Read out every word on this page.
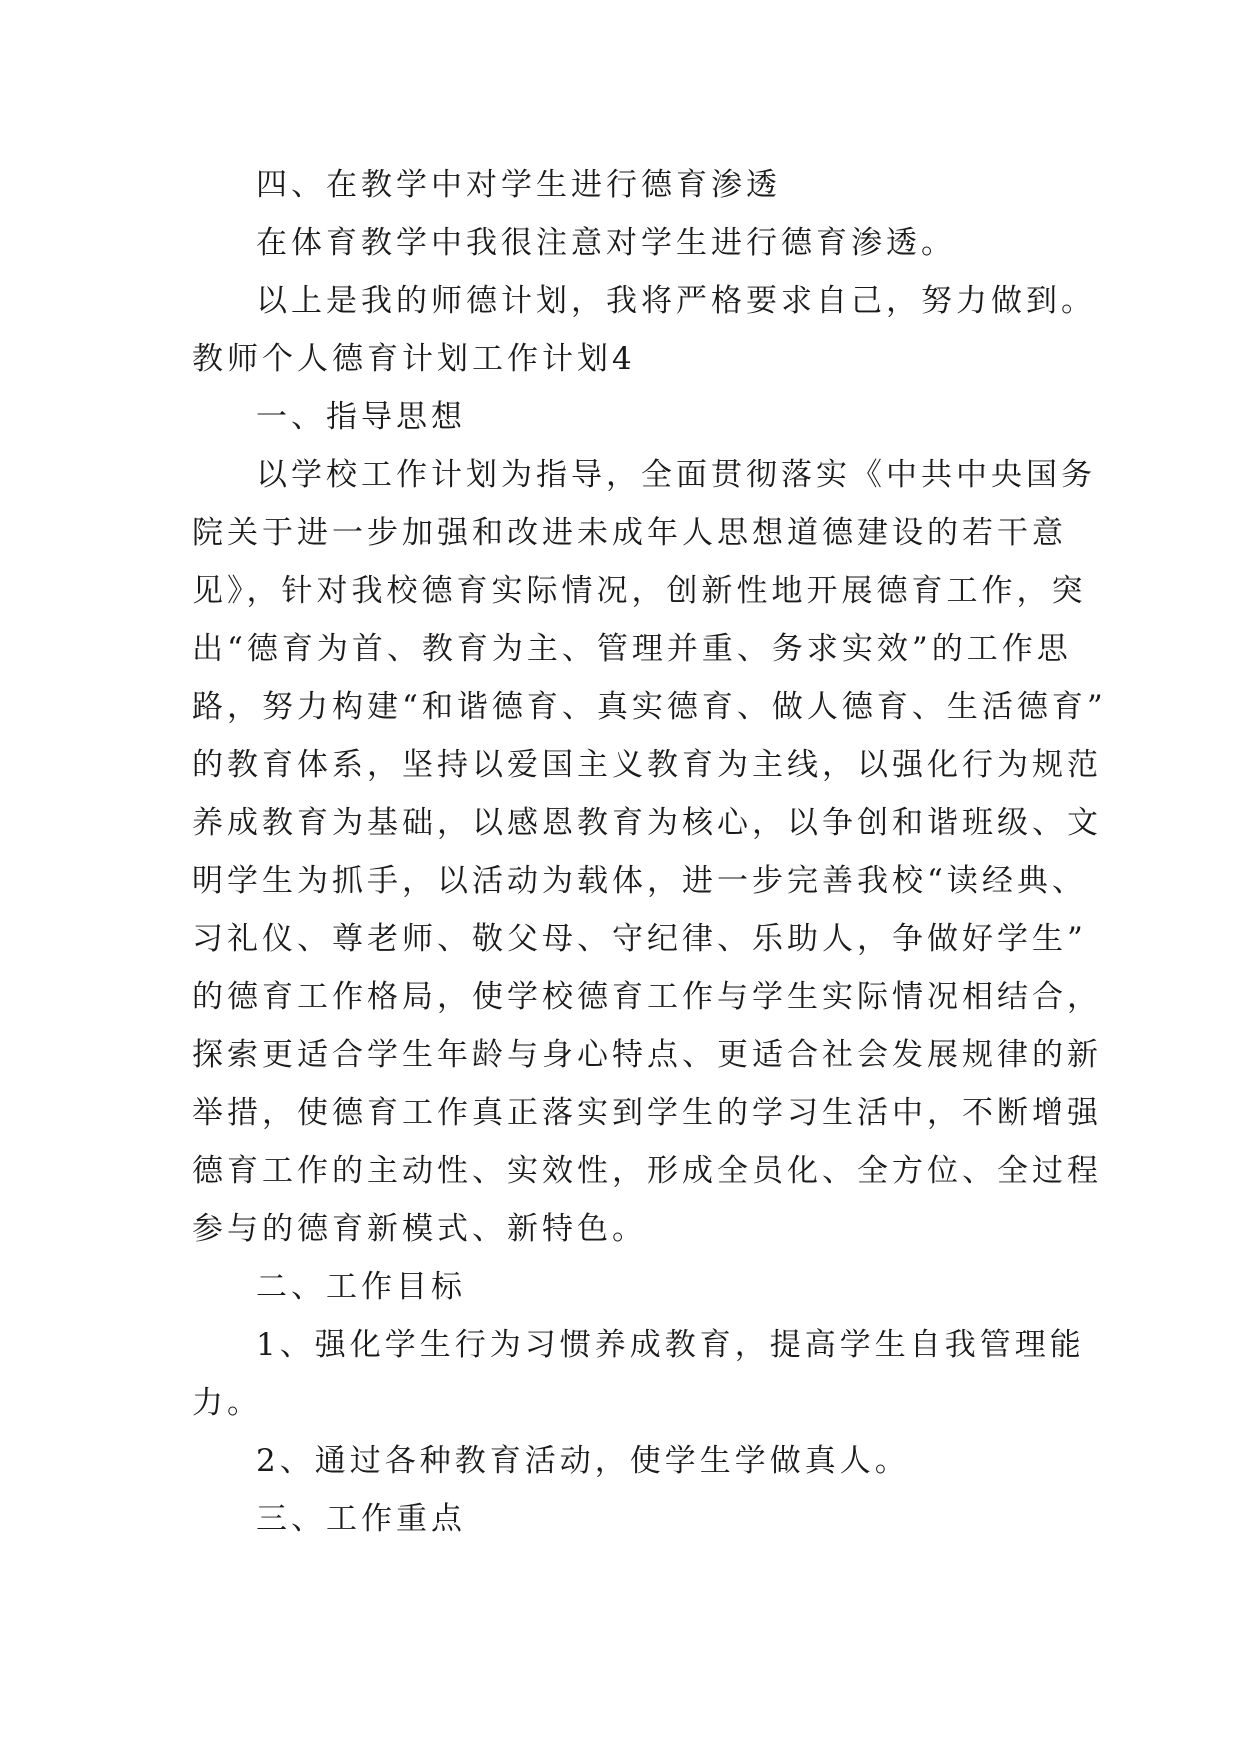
四、在教学中对学生进行德育渗透
在体育教学中我很注意对学生进行德育渗透。
以上是我的师德计划，我将严格要求自己，努力做到。
教师个人德育计划工作计划4
一、指导思想
以学校工作计划为指导，全面贯彻落实《中共中央国务
院关于进一步加强和改进未成年人思想道德建设的若干意
见》，针对我校德育实际情况，创新性地开展德育工作，突
出“德育为首、教育为主、管理并重、务求实效”的工作思
路，努力构建“和谐德育、真实德育、做人德育、生活德育”
的教育体系，坚持以爱国主义教育为主线，以强化行为规范
养成教育为基础，以感恩教育为核心，以争创和谐班级、文
明学生为抓手，以活动为载体，进一步完善我校“读经典、
习礼仪、尊老师、敬父母、守纪律、乐助人，争做好学生”
的德育工作格局，使学校德育工作与学生实际情况相结合，
探索更适合学生年龄与身心特点、更适合社会发展规律的新
举措，使德育工作真正落实到学生的学习生活中，不断增强
德育工作的主动性、实效性，形成全员化、全方位、全过程
参与的德育新模式、新特色。
二、工作目标
1、强化学生行为习惯养成教育，提高学生自我管理能
力。
2、通过各种教育活动，使学生学做真人。
三、工作重点
